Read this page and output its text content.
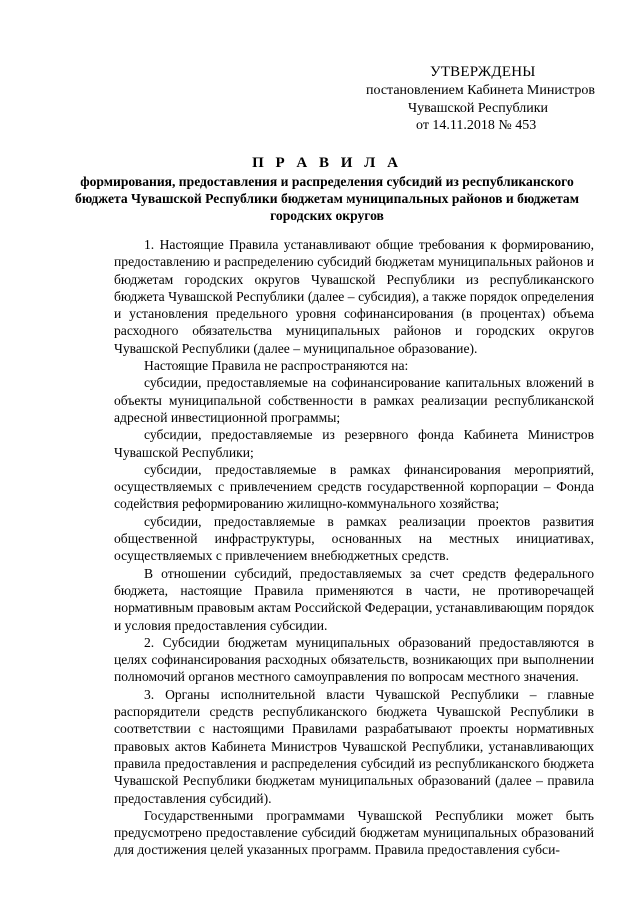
УТВЕРЖДЕНЫ
постановлением Кабинета Министров
Чувашской Республики
от 14.11.2018 № 453
П Р А В И Л А
формирования, предоставления и распределения субсидий из республиканского бюджета Чувашской Республики бюджетам муниципальных районов и бюджетам городских округов

1. Настоящие Правила устанавливают общие требования к формированию, предоставлению и распределению субсидий бюджетам муниципальных районов и бюджетам городских округов Чувашской Республики из республиканского бюджета Чувашской Республики (далее – субсидия), а также порядок определения и установления предельного уровня софинансирования (в процентах) объема расходного обязательства муниципальных районов и городских округов Чувашской Республики (далее – муниципальное образование).

Настоящие Правила не распространяются на:

субсидии, предоставляемые на софинансирование капитальных вложений в объекты муниципальной собственности в рамках реализации республиканской адресной инвестиционной программы;

субсидии, предоставляемые из резервного фонда Кабинета Министров Чувашской Республики;

субсидии, предоставляемые в рамках финансирования мероприятий, осуществляемых с привлечением средств государственной корпорации – Фонда содействия реформированию жилищно-коммунального хозяйства;

субсидии, предоставляемые в рамках реализации проектов развития общественной инфраструктуры, основанных на местных инициативах, осуществляемых с привлечением внебюджетных средств.

В отношении субсидий, предоставляемых за счет средств федерального бюджета, настоящие Правила применяются в части, не противоречащей нормативным правовым актам Российской Федерации, устанавливающим порядок и условия предоставления субсидии.

2. Субсидии бюджетам муниципальных образований предоставляются в целях софинансирования расходных обязательств, возникающих при выполнении полномочий органов местного самоуправления по вопросам местного значения.

3. Органы исполнительной власти Чувашской Республики – главные распорядители средств республиканского бюджета Чувашской Республики в соответствии с настоящими Правилами разрабатывают проекты нормативных правовых актов Кабинета Министров Чувашской Республики, устанавливающих правила предоставления и распределения субсидий из республиканского бюджета Чувашской Республики бюджетам муниципальных образований (далее – правила предоставления субсидий).

Государственными программами Чувашской Республики может быть предусмотрено предоставление субсидий бюджетам муниципальных образований для достижения целей указанных программ. Правила предоставления субси-
